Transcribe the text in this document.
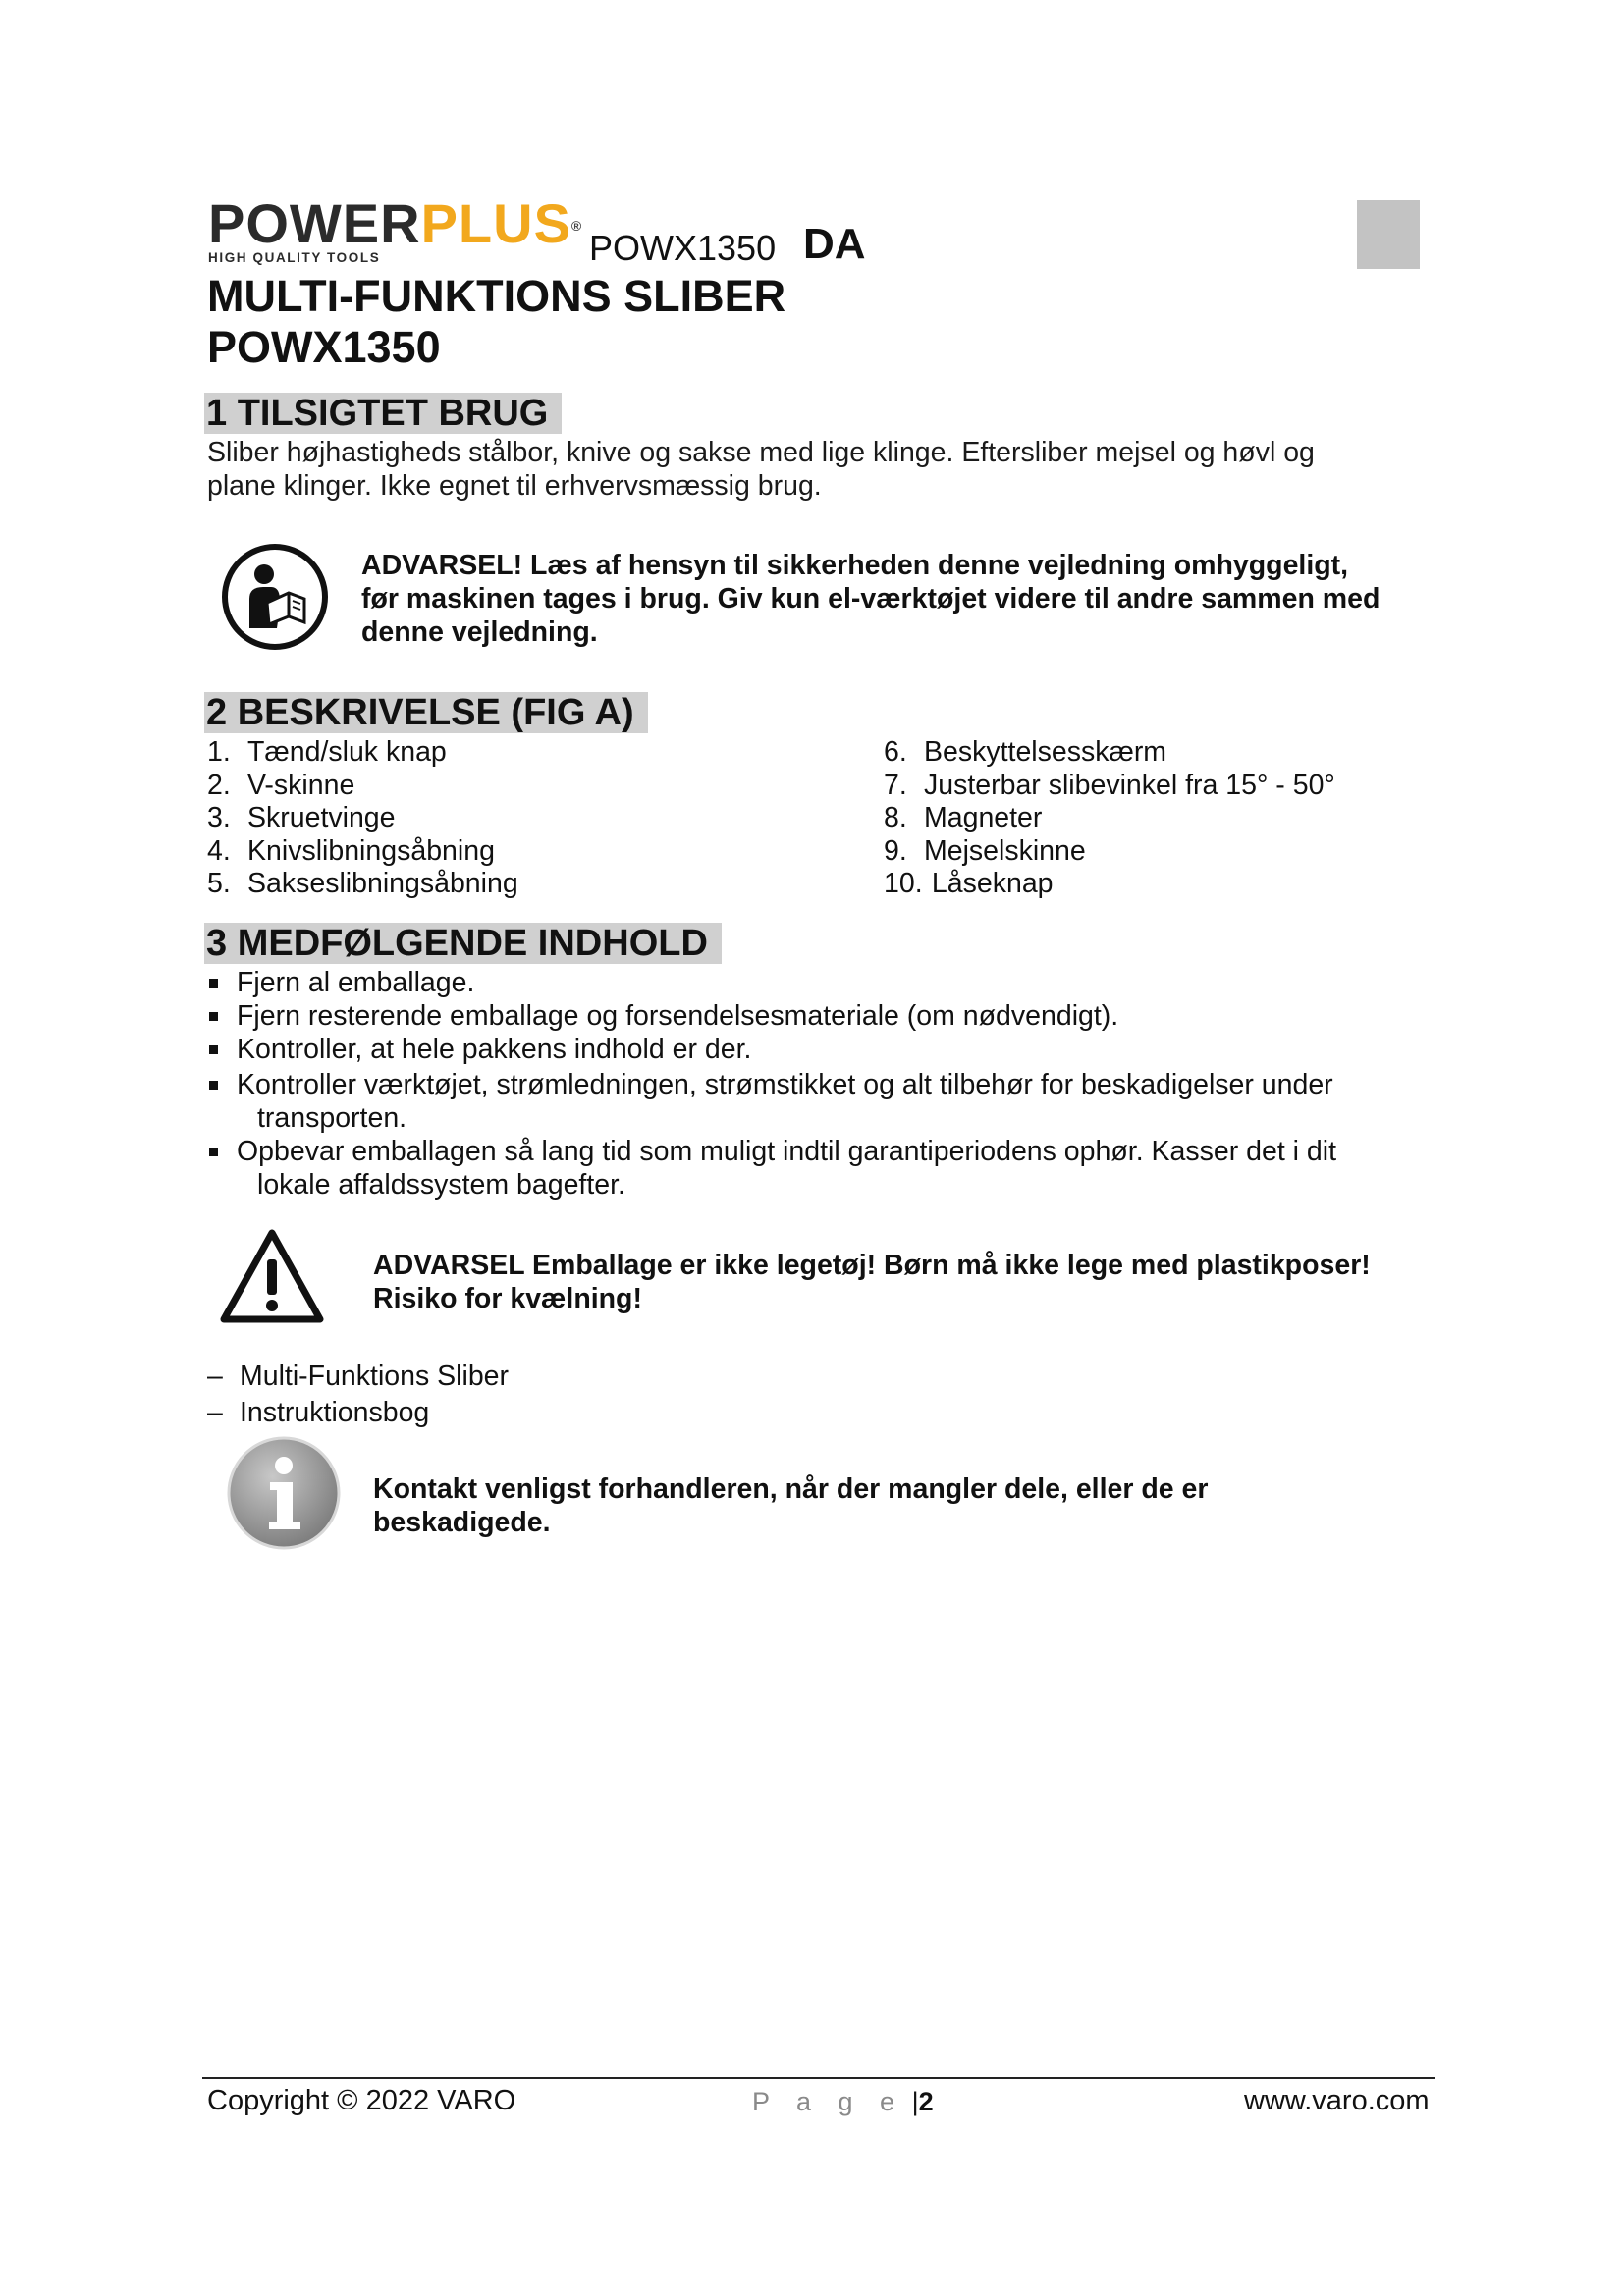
POWERPLUS®
HIGH QUALITY TOOLS	POWX1350 DA
MULTI-FUNKTIONS SLIBER
POWX1350
1 TILSIGTET BRUG
Sliber højhastigheds stålbor, knive og sakse med lige klinge. Eftersliber mejsel og høvl og
plane klinger. Ikke egnet til erhvervsmæssig brug.
ADVARSEL! Læs af hensyn til sikkerheden denne vejledning omhyggeligt,
før maskinen tages i brug. Giv kun el-værktøjet videre til andre sammen med
denne vejledning.
2 BESKRIVELSE (FIG A)
1. Tænd/sluk knap
2. V-skinne
3. Skruetvinge
4. Knivslibningsåbning
5. Sakseslibningsåbning
6. Beskyttelsesskærm
7. Justerbar slibevinkel fra 15° - 50°
8. Magneter
9. Mejselskinne
10. Låseknap
3 MEDFØLGENDE INDHOLD
Fjern al emballage.
Fjern resterende emballage og forsendelsesmateriale (om nødvendigt).
Kontroller, at hele pakkens indhold er der.
Kontroller værktøjet, strømledningen, strømstikket og alt tilbehør for beskadigelser under
transporten.
Opbevar emballagen så lang tid som muligt indtil garantiperiodens ophør. Kasser det i dit
lokale affaldssystem bagefter.
ADVARSEL Emballage er ikke legetøj! Børn må ikke lege med plastikposer!
Risiko for kvælning!
– Multi-Funktions Sliber
– Instruktionsbog
Kontakt venligst forhandleren, når der mangler dele, eller de er
beskadigede.
Copyright © 2022 VARO	P a g e |2	www.varo.com
